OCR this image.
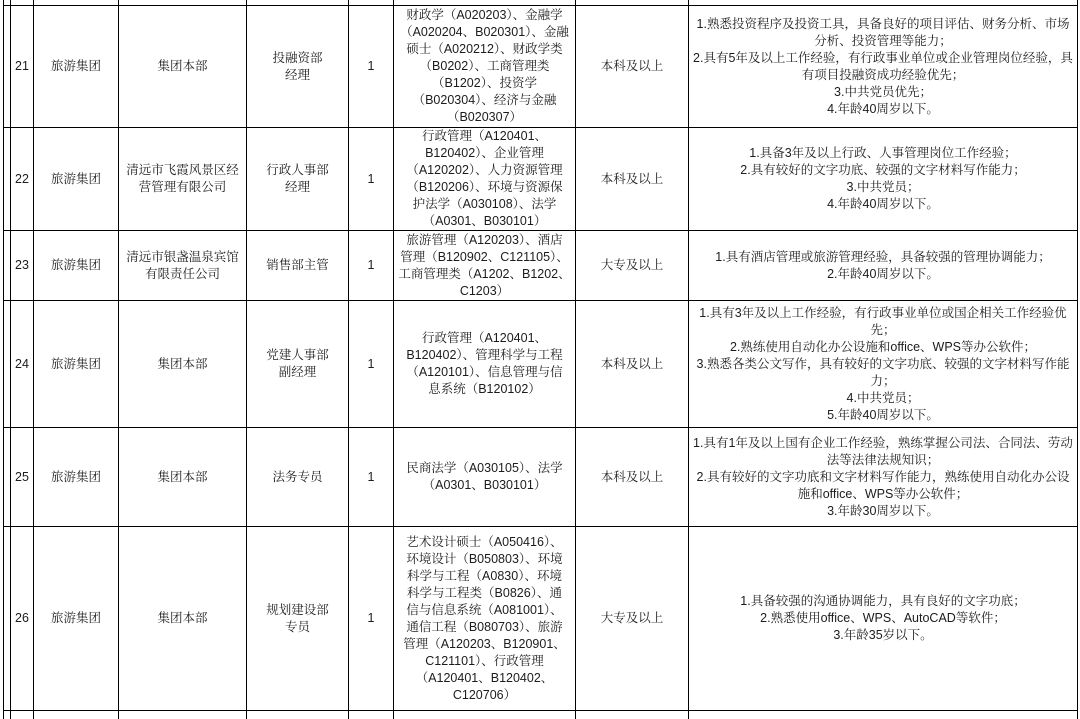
	21	旅游集团	集团本部	投融资部
经理	1	财政学（A020203）、金融学
（A020204、B020301）、金融
硕士（A020212）、财政学类
（B0202）、工商管理类
（B1202）、投资学
（B020304）、经济与金融
（B020307）	本科及以上	1.熟悉投资程序及投资工具，具备良好的项目评估、财务分析、市场分析、投资管理等能力；
2.具有5年及以上工作经验，有行政事业单位或企业管理岗位经验，具有项目投融资成功经验优先；
3.中共党员优先；
4.年龄40周岁以下。
	22	旅游集团	清远市飞霞风景区经
营管理有限公司	行政人事部
经理	1	行政管理（A120401、
B120402）、企业管理
（A120202）、人力资源管理
（B120206）、环境与资源保
护法学（A030108）、法学
（A0301、B030101）	本科及以上	1.具备3年及以上行政、人事管理岗位工作经验；
2.具有较好的文字功底、较强的文字材料写作能力；
3.中共党员；
4.年龄40周岁以下。
	23	旅游集团	清远市银盏温泉宾馆
有限责任公司	销售部主管	1	旅游管理（A120203）、酒店
管理（B120902、C121105）、
工商管理类（A1202、B1202、
C1203）	大专及以上	1.具有酒店管理或旅游管理经验，具备较强的管理协调能力；
2.年龄40周岁以下。
	24	旅游集团	集团本部	党建人事部
副经理	1	行政管理（A120401、
B120402）、管理科学与工程
（A120101）、信息管理与信
息系统（B120102）	本科及以上	1.具有3年及以上工作经验，有行政事业单位或国企相关工作经验优先；
2.熟练使用自动化办公设施和office、WPS等办公软件；
3.熟悉各类公文写作，具有较好的文字功底、较强的文字材料写作能力；
4.中共党员；
5.年龄40周岁以下。
	25	旅游集团	集团本部	法务专员	1	民商法学（A030105）、法学
（A0301、B030101）	本科及以上	1.具有1年及以上国有企业工作经验，熟练掌握公司法、合同法、劳动法等法律法规知识；
2.具有较好的文字功底和文字材料写作能力，熟练使用自动化办公设施和office、WPS等办公软件；
3.年龄30周岁以下。
	26	旅游集团	集团本部	规划建设部
专员	1	艺术设计硕士（A050416）、
环境设计（B050803）、环境
科学与工程（A0830）、环境
科学与工程类（B0826）、通
信与信息系统（A081001）、
通信工程（B080703）、旅游
管理（A120203、B120901、
C121101）、行政管理
（A120401、B120402、
C120706）	大专及以上	1.具备较强的沟通协调能力，具有良好的文字功底；
2.熟悉使用office、WPS、AutoCAD等软件；
3.年龄35岁以下。
